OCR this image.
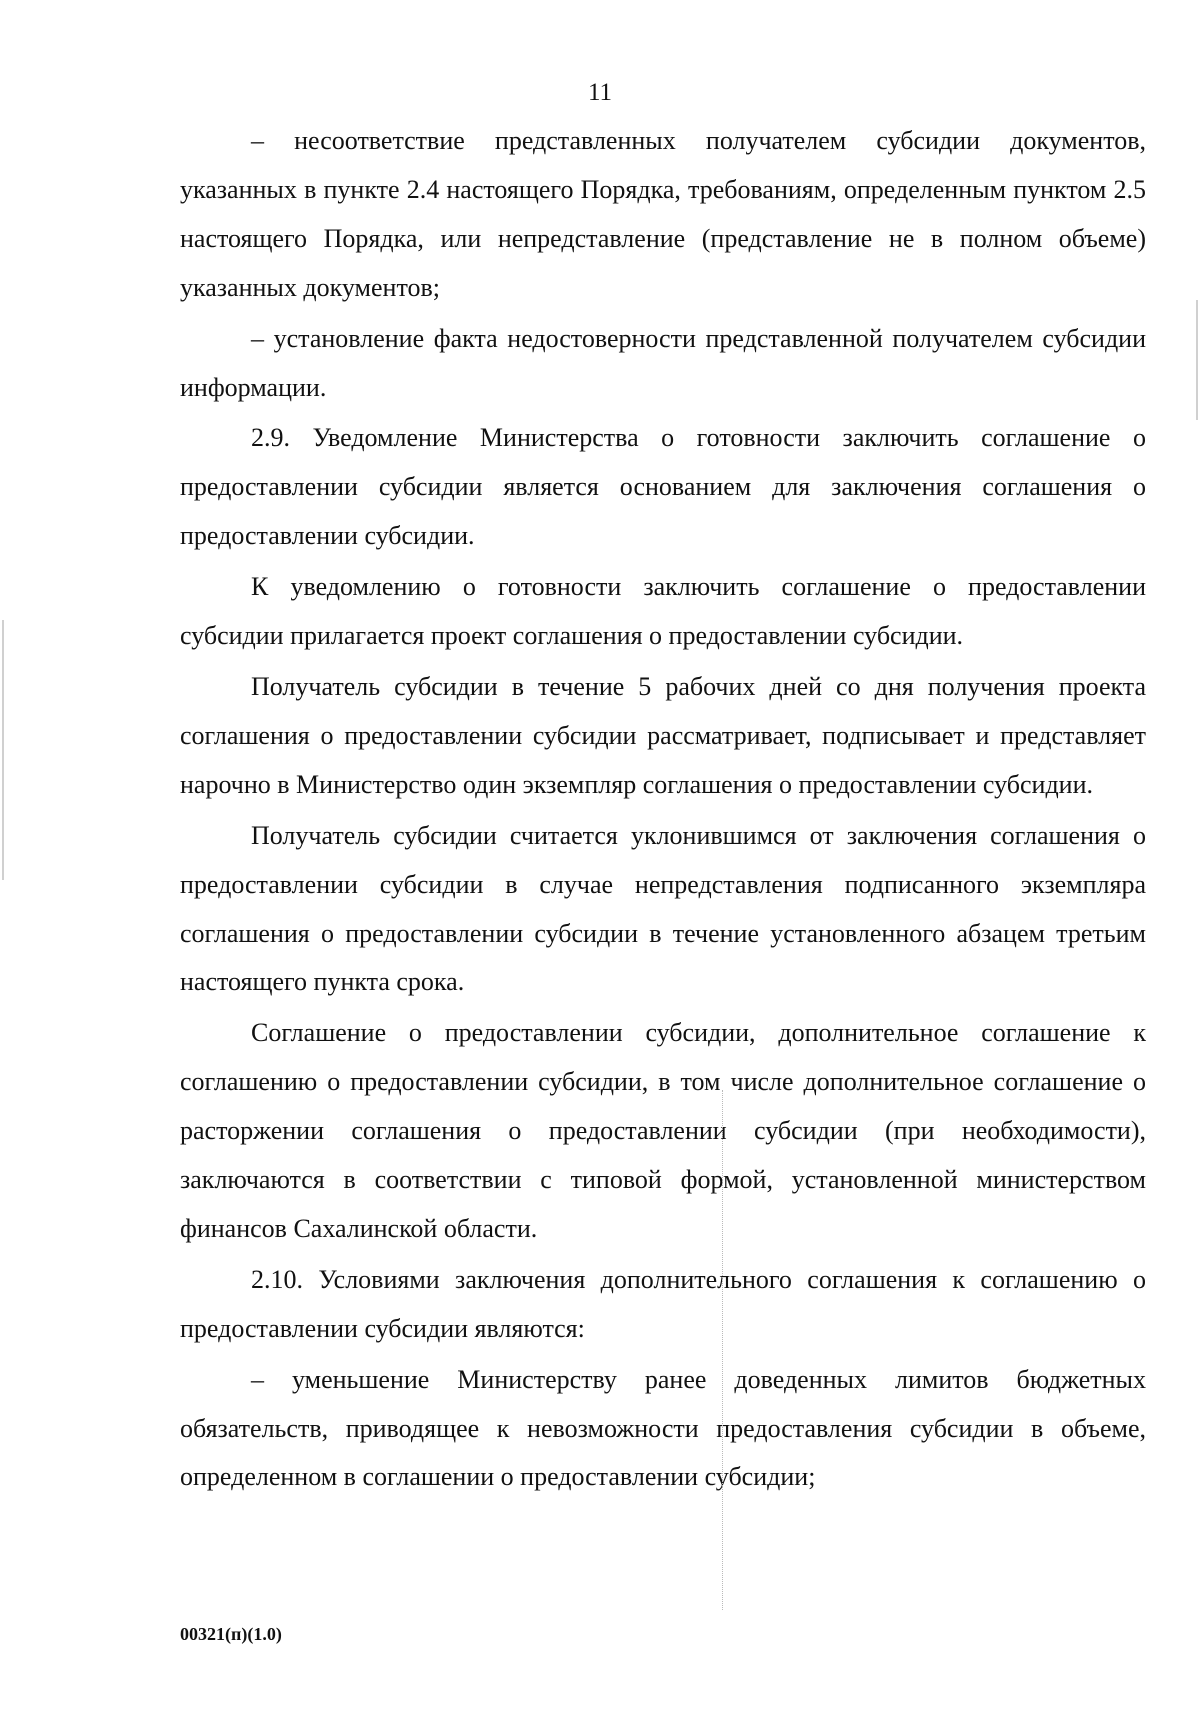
11

– несоответствие представленных получателем субсидии документов, указанных в пункте 2.4 настоящего Порядка, требованиям, определенным пунктом 2.5 настоящего Порядка, или непредставление (представление не в полном объеме) указанных документов;

– установление факта недостоверности представленной получателем субсидии информации.

2.9. Уведомление Министерства о готовности заключить соглашение о предоставлении субсидии является основанием для заключения соглашения о предоставлении субсидии.

К уведомлению о готовности заключить соглашение о предоставлении субсидии прилагается проект соглашения о предоставлении субсидии.

Получатель субсидии в течение 5 рабочих дней со дня получения проекта соглашения о предоставлении субсидии рассматривает, подписывает и представляет нарочно в Министерство один экземпляр соглашения о предоставлении субсидии.

Получатель субсидии считается уклонившимся от заключения соглашения о предоставлении субсидии в случае непредставления подписанного экземпляра соглашения о предоставлении субсидии в течение установленного абзацем третьим настоящего пункта срока.

Соглашение о предоставлении субсидии, дополнительное соглашение к соглашению о предоставлении субсидии, в том числе дополнительное соглашение о расторжении соглашения о предоставлении субсидии (при необходимости), заключаются в соответствии с типовой формой, установленной министерством финансов Сахалинской области.

2.10. Условиями заключения дополнительного соглашения к соглашению о предоставлении субсидии являются:

– уменьшение Министерству ранее доведенных лимитов бюджетных обязательств, приводящее к невозможности предоставления субсидии в объеме, определенном в соглашении о предоставлении субсидии;

00321(п)(1.0)
